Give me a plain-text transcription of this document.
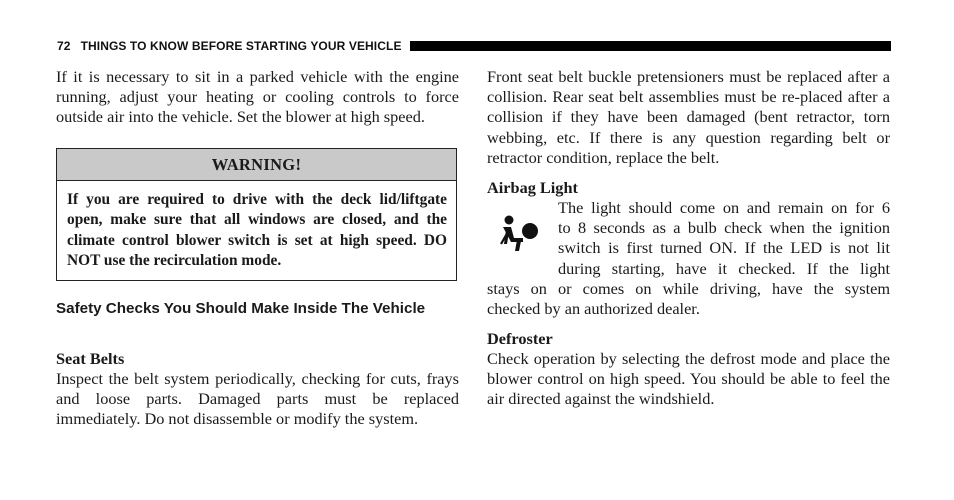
72 THINGS TO KNOW BEFORE STARTING YOUR VEHICLE

If it is necessary to sit in a parked vehicle with the engine running, adjust your heating or cooling controls to force outside air into the vehicle. Set the blower at high speed.

WARNING!
If you are required to drive with the deck lid/liftgate open, make sure that all windows are closed, and the climate control blower switch is set at high speed. DO NOT use the recirculation mode.
Safety Checks You Should Make Inside The Vehicle
Seat Belts

Inspect the belt system periodically, checking for cuts, frays and loose parts. Damaged parts must be replaced immediately. Do not disassemble or modify the system.

Front seat belt buckle pretensioners must be replaced after a collision. Rear seat belt assemblies must be re-placed after a collision if they have been damaged (bent retractor, torn webbing, etc. If there is any question regarding belt or retractor condition, replace the belt.

Airbag Light
The light should come on and remain on for 6
to 8 seconds as a bulb check when the ignition
switch is first turned ON. If the LED is not lit
during starting, have it checked. If the light
stays on or comes on while driving, have the system
checked by an authorized dealer.
Defroster

Check operation by selecting the defrost mode and place the blower control on high speed. You should be able to feel the air directed against the windshield.
